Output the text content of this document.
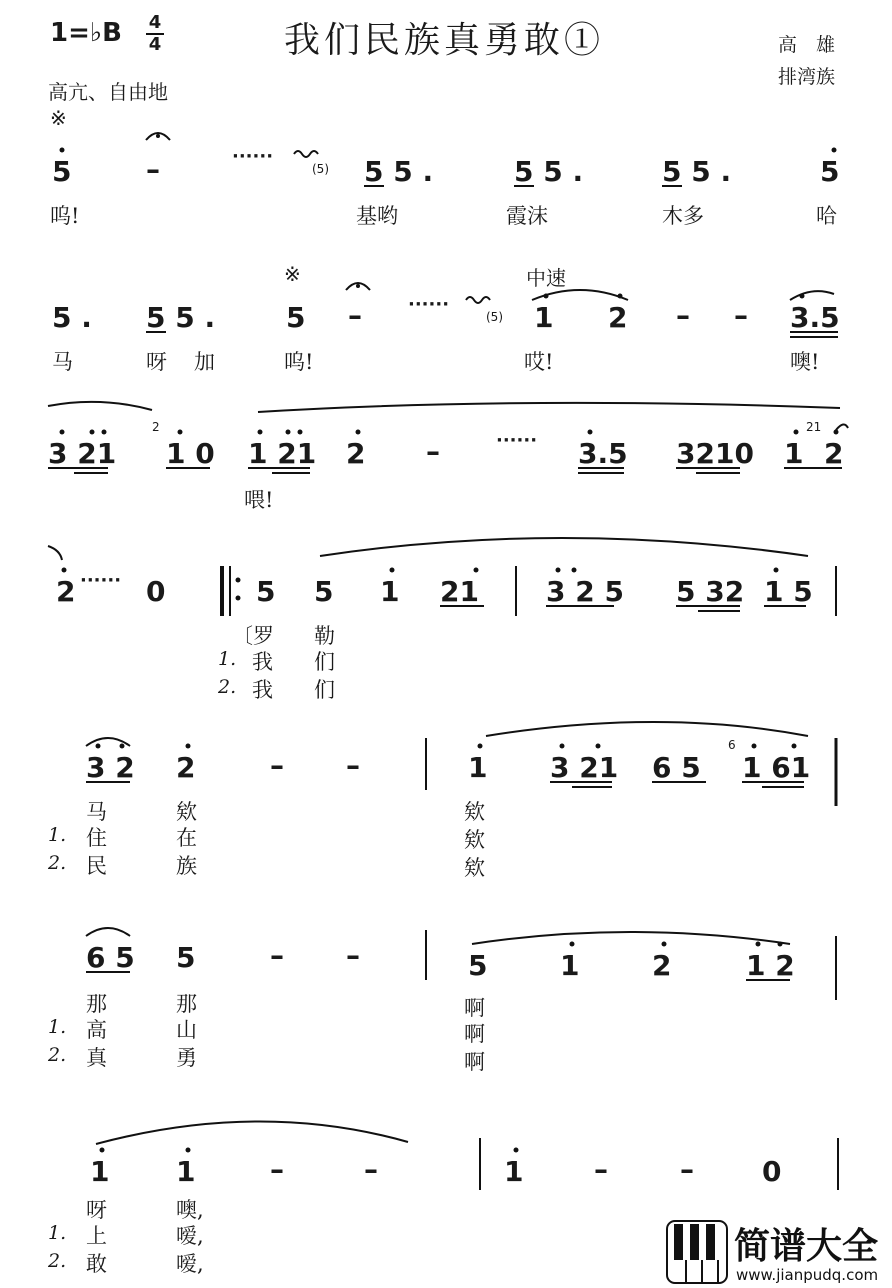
1=♭B 4
4	我们民族真勇敢①	高　雄
排湾族
高亢、自由地
※
5	–	······
(5) 5 5 .	5 5 .	5 5 .	5
呜!	基哟	霞沫	木多	哈
※	中速
5 . 5 5 .	5 –	······
(5) 1 2 – – 3.5
马	呀 加	呜!	哎!	噢!
3 21
2
1 0 1 21 2 –	······ 3.5 3210 1
21
2
喂!
2 ······ 0	5 5 1 21 3 2 5 5 32 1 5
〔罗 勒
1. 我 们
2. 我 们
3 2 2	– –	1 3 21 6 5
6
1 61
马	欸	欸
1. 住	在	欸
2. 民	族	欸
6 5 5	– –	5	1	2	1 2
那	那	啊
1. 高	山	啊
2. 真	勇	啊
1 1	–	–	1	–	– 0
呀	噢,
1. 上	嗳,
2. 敢	嗳,	简谱大全
www.jianpudq.com
